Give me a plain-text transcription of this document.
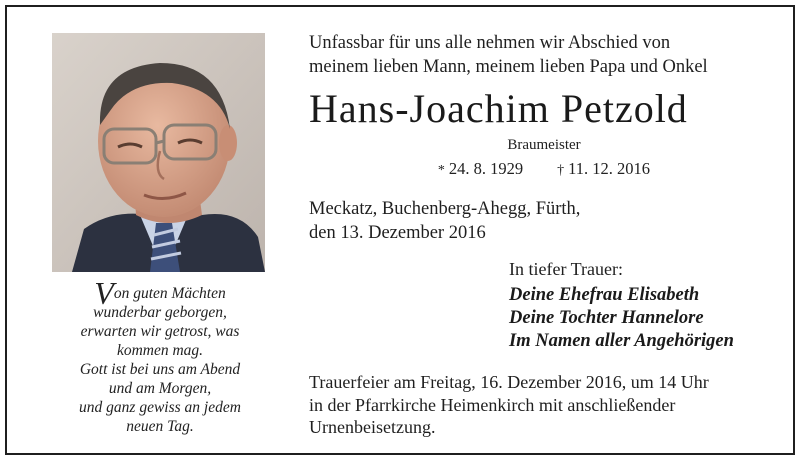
Von guten Mächten
wunderbar geborgen,
erwarten wir getrost, was
kommen mag.
Gott ist bei uns am Abend
und am Morgen,
und ganz gewiss an jedem
neuen Tag.
Unfassbar für uns alle nehmen wir Abschied von
meinem lieben Mann, meinem lieben Papa und Onkel
Hans-Joachim Petzold
Braumeister
* 24. 8. 1929 † 11. 12. 2016
Meckatz, Buchenberg-Ahegg, Fürth,
den 13. Dezember 2016
In tiefer Trauer:
Deine Ehefrau Elisabeth
Deine Tochter Hannelore
Im Namen aller Angehörigen
Trauerfeier am Freitag, 16. Dezember 2016, um 14 Uhr
in der Pfarrkirche Heimenkirch mit anschließender
Urnenbeisetzung.
